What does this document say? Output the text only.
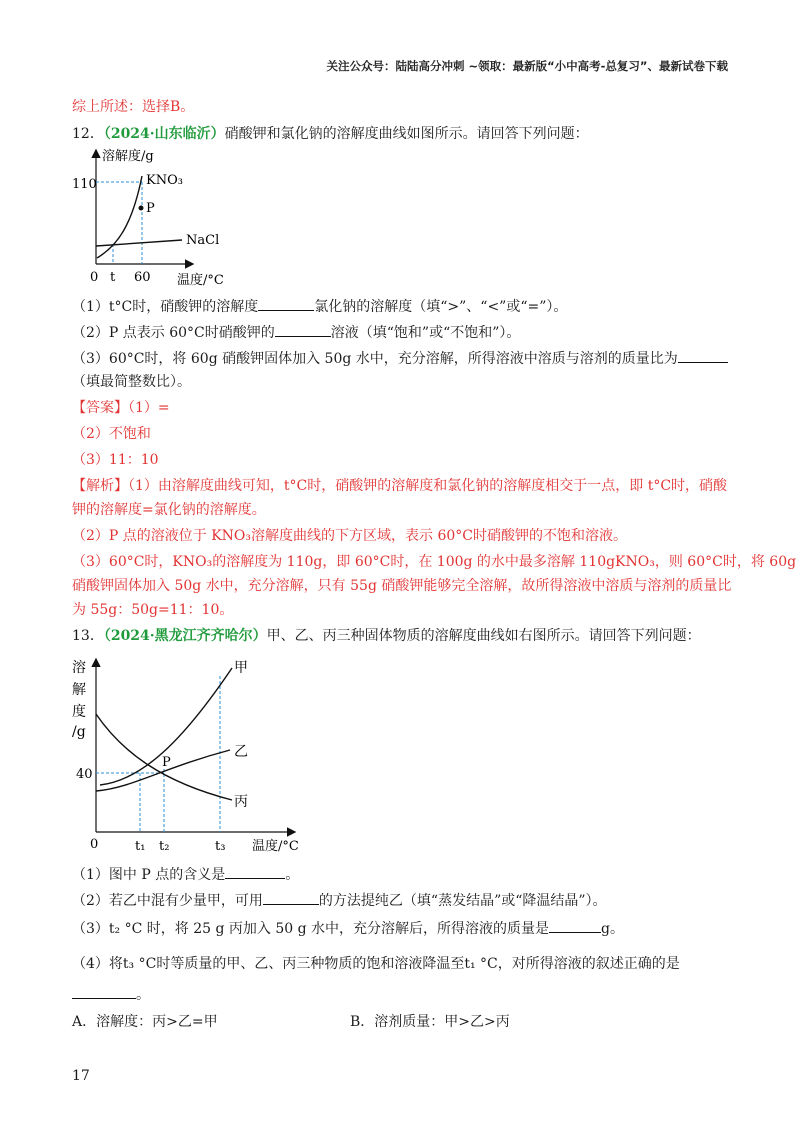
关注公众号：陆陆高分冲刺 ~领取：最新版“小中高考-总复习”、最新试卷下载
综上所述：选择B。
12．（2024·山东临沂）硝酸钾和氯化钠的溶解度曲线如图所示。请回答下列问题：
溶解度/g
110
0 t 60 温度/°C
KNO₃
NaCl
P
（1）t°C时，硝酸钾的溶解度	氯化钠的溶解度（填“>”、“<”或“=”）。
（2）P 点表示 60°C时硝酸钾的	溶液（填“饱和”或“不饱和”）。
（3）60°C时，将 60g 硝酸钾固体加入 50g 水中，充分溶解，所得溶液中溶质与溶剂的质量比为
（填最简整数比）。
【答案】（1）=
（2）不饱和
（3）11：10
【解析】（1）由溶解度曲线可知，t°C时，硝酸钾的溶解度和氯化钠的溶解度相交于一点，即 t°C时，硝酸
钾的溶解度=氯化钠的溶解度。
（2）P 点的溶液位于 KNO₃溶解度曲线的下方区域，表示 60°C时硝酸钾的不饱和溶液。
（3）60°C时，KNO₃的溶解度为 110g，即 60°C时，在 100g 的水中最多溶解 110gKNO₃，则 60°C时，将 60g
硝酸钾固体加入 50g 水中，充分溶解，只有 55g 硝酸钾能够完全溶解，故所得溶液中溶质与溶剂的质量比
为 55g：50g=11：10。
13．（2024·黑龙江齐齐哈尔）甲、乙、丙三种固体物质的溶解度曲线如右图所示。请回答下列问题：
溶
解
度
/g
40
0	t₁ t₂	t₃ 温度/°C
甲
乙
丙
P
（1）图中 P 点的含义是	。
（2）若乙中混有少量甲，可用	的方法提纯乙（填“蒸发结晶”或“降温结晶”）。
（3）t₂ °C 时，将 25 g 丙加入 50 g 水中，充分溶解后，所得溶液的质量是	g。
（4）将t₃ °C时等质量的甲、乙、丙三种物质的饱和溶液降温至t₁ °C，对所得溶液的叙述正确的是
。
A．溶解度：丙>乙=甲	B．溶剂质量：甲>乙>丙
17
